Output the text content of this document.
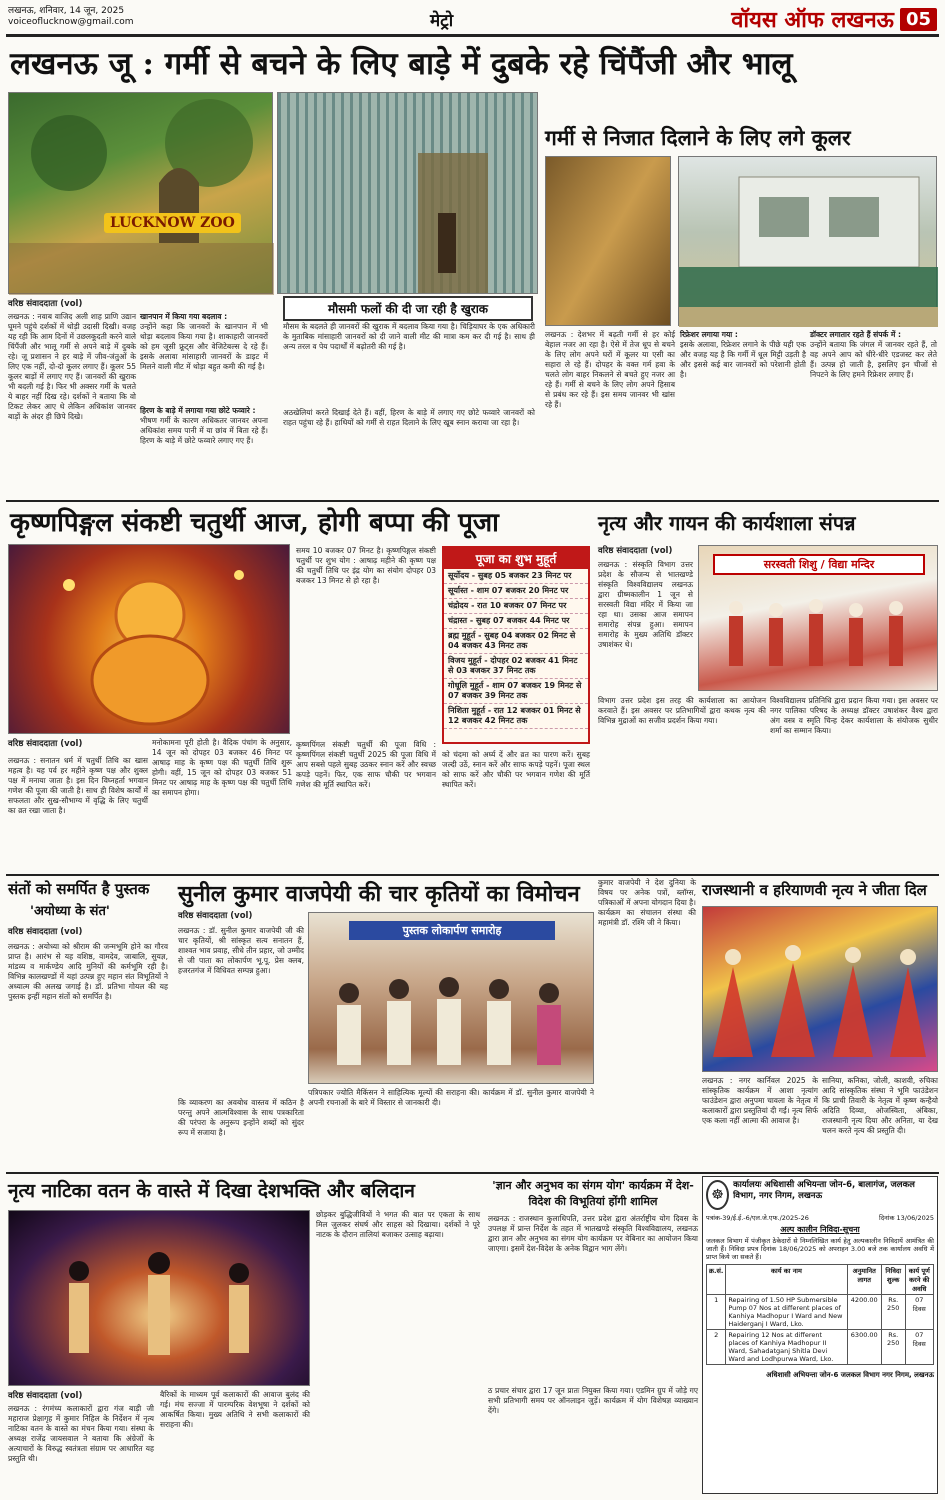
लखनऊ, शनिवार, 14 जून, 2025
voiceoflucknow@gmail.com	मेट्रो	वॉयस ऑफ लखनऊ 05
लखनऊ जू : गर्मी से बचने के लिए बाड़े में दुबके रहे चिंपैंजी और भालू
LUCKNOW ZOO
मौसमी फलों की दी जा रही है खुराक
वरिष्ठ संवाददाता (vol)
लखनऊ : नवाब वाजिद अली शाह प्राणि उद्यान घूमने पहुंचे दर्शकों में थोड़ी उदासी दिखी। वजह यह रही कि आम दिनों में उछलकूदती करने वाले चिंपैंजी और भालू गर्मी से अपने बाड़े में दुबके रहे। जू प्रशासन ने हर बाड़े में जीव-जंतुओं के लिए एक नहीं, दो-दो कूलर लगाए हैं। कूलर 55 कूलर बाड़ों में लगाए गए हैं। जानवरों की खुराक भी बदली गई है। फिर भी अक्सर गर्मी के चलते ये बाहर नहीं दिख रहे। दर्शकों ने बताया कि वो टिकट लेकर आए थे लेकिन अधिकांश जानवर बाड़ों के अंदर ही छिपे दिखे।
खानपान में किया गया बदलाव :
उन्होंने कहा कि जानवरों के खानपान में भी थोड़ा बदलाव किया गया है। शाकाहारी जानवरों को हम जूसी फ्रूट्स और वेजिटेबल्स दे रहे हैं। इसके अलावा मांसाहारी जानवरों के डाइट में मिलने वाली मीट में थोड़ा बहुत कमी की गई है।
हिरण के बाड़े में लगाया गया छोटे फव्वारे :
भीषण गर्मी के कारण अधिकतर जानवर अपना अधिकांश समय पानी में या छांव में बिता रहे हैं। हिरण के बाड़े में छोटे फव्वारे लगाए गए हैं।
मौसम के बदलते ही जानवरों की खुराक में बदलाव किया गया है। चिड़ियाघर के एक अधिकारी के मुताबिक मांसाहारी जानवरों को दी जाने वाली मीट की मात्रा कम कर दी गई है। साथ ही अन्य तरल व पेय पदार्थों में बढ़ोतरी की गई है।
अठखेलियां करते दिखाई देते हैं। वहीं, हिरण के बाड़े में लगाए गए छोटे फव्वारे जानवरों को राहत पहुंचा रहे हैं। हाथियों को गर्मी से राहत दिलाने के लिए खूब स्नान कराया जा रहा है।
गर्मी से निजात दिलाने के लिए लगे कूलर
लखनऊ : देशभर में बढ़ती गर्मी से हर कोई बेहाल नजर आ रहा है। ऐसे में तेज धूप से बचने के लिए लोग अपने घरों में कूलर या एसी का सहारा ले रहे हैं। दोपहर के वक्त गर्म हवा के चलते लोग बाहर निकलने से बचते हुए नजर आ रहे हैं। गर्मी से बचने के लिए लोग अपने हिसाब से प्रबंध कर रहे हैं। इस समय जानवर भी खांस रहे हैं।
रिफ्रेशर लगाया गया :
इसके अलावा, रिफ्रेशर लगाने के पीछे यही एक और वजह यह है कि गर्मी में धूल मिट्टी उड़ती है और इससे कई बार जानवरों को परेशानी होती है।
डॉक्टर लगातार रहते हैं संपर्क में :
उन्होंने बताया कि जंगल में जानवर रहते हैं, तो वह अपने आप को धीरे-धीरे एडजस्ट कर लेते हैं। उत्पन्न हो जाती है, इसलिए इन चीजों से निपटने के लिए हमने रिफ्रेशर लगाए हैं।
कृष्णपिङ्गल संकष्टी चतुर्थी आज, होगी बप्पा की पूजा
वरिष्ठ संवाददाता (vol)
लखनऊ : सनातन धर्म में चतुर्थी तिथि का खास महत्व है। यह पर्व हर महीने कृष्ण पक्ष और शुक्ल पक्ष में मनाया जाता है। इस दिन विघ्नहर्ता भगवान गणेश की पूजा की जाती है। साथ ही विशेष कार्यों में सफलता और सुख-सौभाग्य में वृद्धि के लिए चतुर्थी का व्रत रखा जाता है।
मनोकामना पूरी होती है। वैदिक पंचांग के अनुसार, 14 जून को दोपहर 03 बजकर 46 मिनट पर आषाढ़ माह के कृष्ण पक्ष की चतुर्थी तिथि शुरू होगी। वहीं, 15 जून को दोपहर 03 बजकर 51 मिनट पर आषाढ़ माह के कृष्ण पक्ष की चतुर्थी तिथि का समापन होगा।
समय 10 बजकर 07 मिनट है। कृष्णपिङ्गल संकष्टी चतुर्थी पर शुभ योग : आषाढ़ महीने की कृष्ण पक्ष की चतुर्थी तिथि पर इंद्र योग का संयोग दोपहर 03 बजकर 13 मिनट से हो रहा है।
पूजा का शुभ मुहूर्त
सूर्योदय - सुबह 05 बजकर 23 मिनट पर
सूर्यास्त - शाम 07 बजकर 20 मिनट पर
चंद्रोदय - रात 10 बजकर 07 मिनट पर
चंद्रास्त - सुबह 07 बजकर 44 मिनट पर
ब्रह्म मुहूर्त - सुबह 04 बजकर 02 मिनट से 04 बजकर 43 मिनट तक
विजय मुहूर्त - दोपहर 02 बजकर 41 मिनट से 03 बजकर 37 मिनट तक
गोधूलि मुहूर्त - शाम 07 बजकर 19 मिनट से 07 बजकर 39 मिनट तक
निशिता मुहूर्त - रात 12 बजकर 01 मिनट से 12 बजकर 42 मिनट तक
को चंदमा को अर्घ्य दें और व्रत का पारण करें। सुबह जल्दी उठें, स्नान करें और साफ कपड़े पहनें। पूजा स्थल को साफ करें और चौकी पर भगवान गणेश की मूर्ति स्थापित करें।
कृष्णपिंगल संकष्टी चतुर्थी की पूजा विधि : कृष्णपिंगल संकष्टी चतुर्थी 2025 की पूजा विधि में आप सबसे पहले सुबह उठकर स्नान करें और स्वच्छ कपड़े पहनें। फिर, एक साफ चौकी पर भगवान गणेश की मूर्ति स्थापित करें।
नृत्य और गायन की कार्यशाला संपन्न
वरिष्ठ संवाददाता (vol)
लखनऊ : संस्कृति विभाग उत्तर प्रदेश के सौजन्य से भातखण्डे संस्कृति विश्वविद्यालय लखनऊ द्वारा ग्रीष्मकालीन 1 जून से सरस्वती विद्या मंदिर में किया जा रहा था। उसका आज समापन समारोह संपन्न हुआ। समापन समारोह के मुख्य अतिथि डॉक्टर उषाशंकर थे।
सरस्वती शिशु / विद्या मन्दिर
विभाग उत्तर प्रदेश इस तरह की कार्यशाला का आयोजन करवाते हैं। इस अवसर पर प्रतिभागियों द्वारा कथक नृत्य की विभिन्न मुद्राओं का सजीव प्रदर्शन किया गया।
विश्वविद्यालय प्रतिनिधि द्वारा प्रदान किया गया। इस अवसर पर नगर पालिका परिषद के अध्यक्ष डॉक्टर उषाशंकर वैश्य द्वारा अंग वस्त्र व स्मृति चिन्ह देकर कार्यशाला के संयोजक सुधीर शर्मा का सम्मान किया।
संतों को समर्पित है पुस्तक
'अयोध्या के संत'
वरिष्ठ संवाददाता (vol)
लखनऊ : अयोध्या को श्रीराम की जन्मभूमि होने का गौरव प्राप्त है। आरंभ से यह वशिष्ठ, वामदेव, जाबालि, सुयज्ञ, मांडव्य व मार्कण्डेय आदि मुनियों की कर्मभूमि रही है। विभिन्न कालखण्डों में यहां उत्पन्न हुए महान संत विभूतियों ने अध्यात्म की अलख जगाई है। डॉ. प्रतिभा गोयल की यह पुस्तक इन्हीं महान संतों को समर्पित है।
सुनील कुमार वाजपेयी की चार कृतियों का विमोचन
वरिष्ठ संवाददाता (vol)
लखनऊ : डॉ. सुनील कुमार वाजपेयी जी की चार कृतियों, श्री सांस्कृत सत्य सनातन हैं, शाश्वत भाव प्रवाह, सीधे तीन प्रहार, जो उम्मीद से जी पाता का लोकार्पण भू.पू. प्रेस क्लब, हजरतगंज में विधिवत सम्पन्न हुआ।
पुस्तक लोकार्पण समारोह
कुमार वाजपेयी ने देश दुनिया के विषय पर अनेक पत्रों, ब्लॉग्स, पत्रिकाओं में अपना योगदान दिया है। कार्यक्रम का संचालन संस्था की महामंत्री डॉ. रश्मि जी ने किया।
कि व्याकरण का अवबोध वास्तव में कठिन है परन्तु अपने आत्मविश्वास के साथ पत्रकारिता की परंपरा के अनुरूप इन्होंने शब्दों को सुंदर रूप में सजाया है।
पत्रिपकार ज्योति मैकिंसन ने साहित्यिक मूल्यों की सराहना की। कार्यक्रम में डॉ. सुनील कुमार वाजपेयी ने अपनी रचनाओं के बारे में विस्तार से जानकारी दी।
राजस्थानी व हरियाणवी नृत्य ने जीता दिल
लखनऊ : नगर कार्निवल 2025 के सांस्कृतिक कार्यक्रम में आशा नृत्यांग फाउंडेशन द्वारा अनुपमा चावला के नेतृत्व में कलाकारों द्वारा प्रस्तुतियां दी गईं। नृत्य सिर्फ एक कला नहीं आत्मा की आवाज है।
सानिया, कनिका, जोली, काशवी, रुचिका आदि सांस्कृतिक संस्था ने भूमि फाउंडेशन कि प्राची तिवारी के नेतृत्व में कृष्ण कन्हैयो अदिति दिव्या, ओजस्विता, अंबिका, राजस्थानी नृत्य दिया और अनिता, या देख चलन करते नृत्य की प्रस्तुति दी।
नृत्य नाटिका वतन के वास्ते में दिखा देशभक्ति और बलिदान
वरिष्ठ संवाददाता (vol)
लखनऊ : रंगमंच्य कलाकारों द्वारा गंज बाड़ी जी महाराज प्रेक्षागृह में कुमार निहिल के निर्देशन में नृत्य नाटिका वतन के वास्ते का मंचन किया गया। संस्था के अध्यक्ष राजेंद्र जायसवाल ने बताया कि अंग्रेजों के अत्याचारों के विरुद्ध स्वतंत्रता संग्राम पर आधारित यह प्रस्तुति थी।
बैरिकों के माध्यम पूर्व कलाकारों की आवाज बुलंद की गई। मंच सज्जा में पारम्परिक वेशभूषा ने दर्शकों को आकर्षित किया। मुख्य अतिथि ने सभी कलाकारों की सराहना की।
छोड़कर बुद्धिजीवियों ने भगत की बात पर एकता के साथ मिल जुलकर संघर्ष और साहस को दिखाया। दर्शकों ने पूरे नाटक के दौरान तालियां बजाकर उत्साह बढ़ाया।
'ज्ञान और अनुभव का संगम योग' कार्यक्रम में देश-विदेश की विभूतियां होंगी शामिल
लखनऊ : राजस्थान कुलाधिपति, उत्तर प्रदेश द्वारा अंतर्राष्ट्रीय योग दिवस के उपलक्ष में प्रान्त निर्देश के तहत में भातखण्डे संस्कृति विश्वविद्यालय, लखनऊ द्वारा ज्ञान और अनुभव का संगम योग कार्यक्रम पर वेबिनार का आयोजन किया जाएगा। इसमें देश-विदेश के अनेक विद्वान भाग लेंगे।
ठ प्रचार संचार द्वारा 17 जून प्रातः नियुक्त किया गया। एडमिन ग्रुप में जोड़े गए सभी प्रतिभागी समय पर ऑनलाइन जुड़ें। कार्यक्रम में योग विशेषज्ञ व्याख्यान देंगे।
☸
कार्यालयः अधिशासी अभियन्ता जोन-6, बालागंज, जलकल विभाग, नगर निगम, लखनऊ
पत्रांक-39/ई.ई.-6/एल.जे.एफ./2025-26	दिनांक 13/06/2025
अल्प कालीन निविदा-सूचना
जलकल विभाग में पंजीकृत ठेकेदारों से निम्नलिखित कार्य हेतु अल्पकालीन निविदायें आमंत्रित की जाती हैं। निविदा प्रपत्र दिनांक 18/06/2025 को अपराहन 3.00 बजे तक कार्यालय अवधि में प्राप्त किये जा सकते हैं।
क्र.सं.	कार्य का नाम	अनुमानित लागत	निविदा शुल्क	कार्य पूर्ण करने की अवधि
1	Repairing of 1.50 HP Submersible Pump 07 Nos at different places of Kanhiya Madhopur I Ward and New Haiderganj I Ward, Lko.	4200.00	Rs. 250	07 दिवस
2	Repairing 12 Nos at different places of Kanhiya Madhopur II Ward, Sahadatganj Shitla Devi Ward and Lodhpurwa Ward, Lko.	6300.00	Rs. 250	07 दिवस
अधिशासी अभियन्ता जोन-6 जलकल विभाग नगर निगम, लखनऊ
